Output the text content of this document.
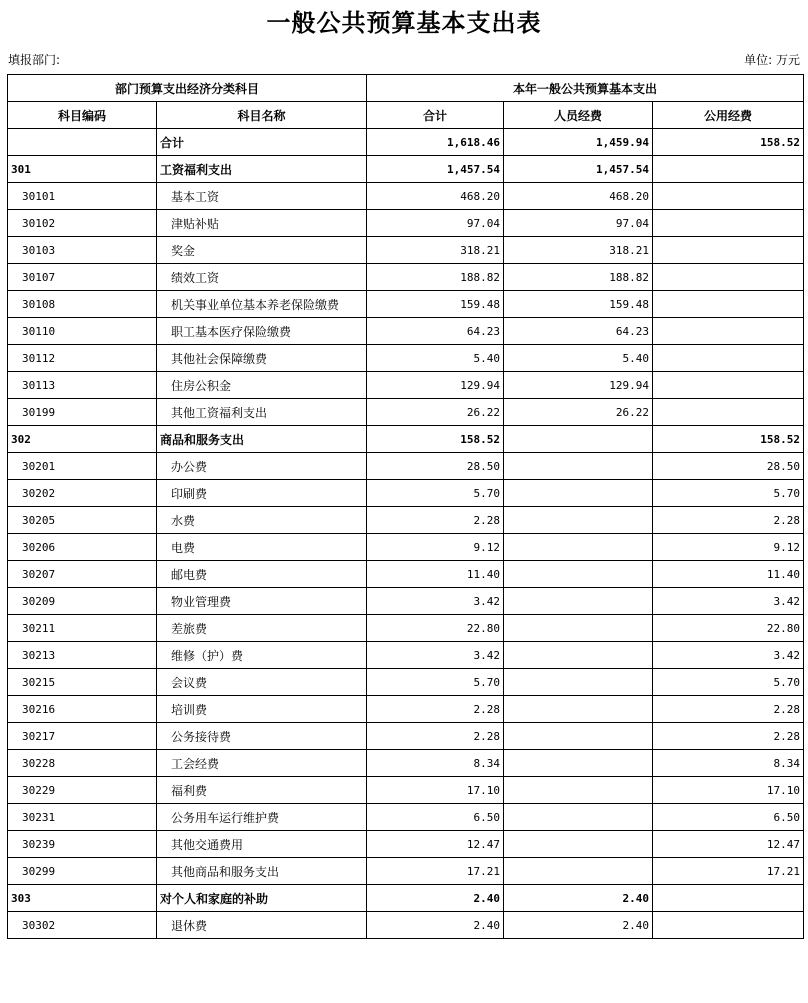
一般公共预算基本支出表
填报部门:	单位: 万元
部门预算支出经济分类科目		本年一般公共预算基本支出		
科目编码	科目名称	合计	人员经费	公用经费
	合计	1,618.46	1,459.94	158.52
301	工资福利支出	1,457.54	1,457.54	
30101	基本工资	468.20	468.20	
30102	津贴补贴	97.04	97.04	
30103	奖金	318.21	318.21	
30107	绩效工资	188.82	188.82	
30108	机关事业单位基本养老保险缴费	159.48	159.48	
30110	职工基本医疗保险缴费	64.23	64.23	
30112	其他社会保障缴费	5.40	5.40	
30113	住房公积金	129.94	129.94	
30199	其他工资福利支出	26.22	26.22	
302	商品和服务支出	158.52		158.52
30201	办公费	28.50		28.50
30202	印刷费	5.70		5.70
30205	水费	2.28		2.28
30206	电费	9.12		9.12
30207	邮电费	11.40		11.40
30209	物业管理费	3.42		3.42
30211	差旅费	22.80		22.80
30213	维修（护）费	3.42		3.42
30215	会议费	5.70		5.70
30216	培训费	2.28		2.28
30217	公务接待费	2.28		2.28
30228	工会经费	8.34		8.34
30229	福利费	17.10		17.10
30231	公务用车运行维护费	6.50		6.50
30239	其他交通费用	12.47		12.47
30299	其他商品和服务支出	17.21		17.21
303	对个人和家庭的补助	2.40	2.40	
30302	退休费	2.40	2.40	
